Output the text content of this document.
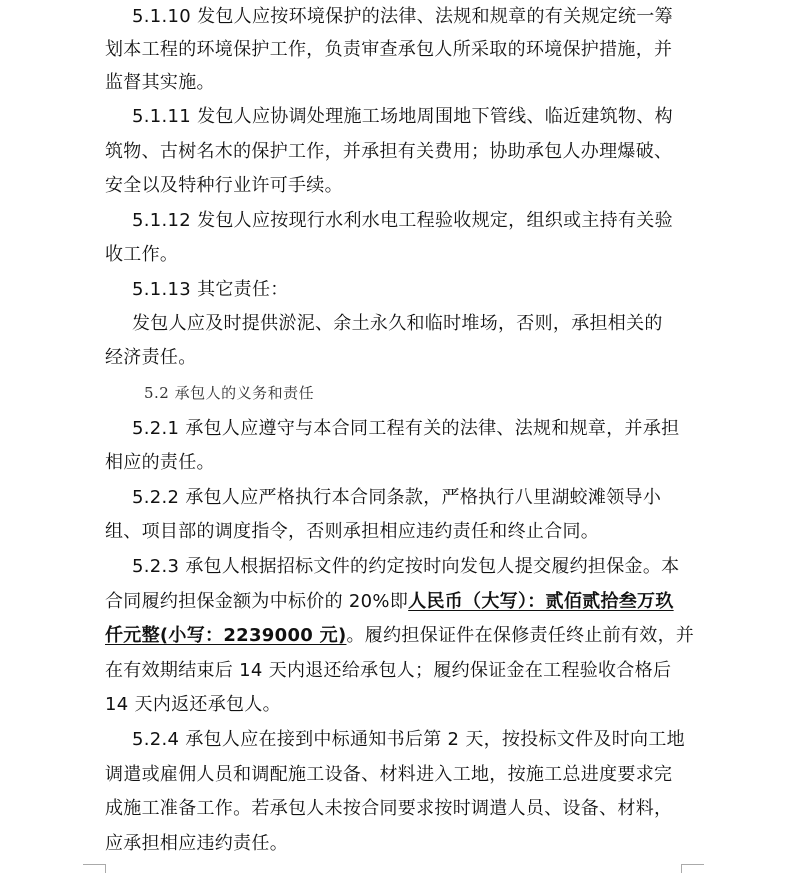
5.1.10 发包人应按环境保护的法律、法规和规章的有关规定统一筹
划本工程的环境保护工作，负责审查承包人所采取的环境保护措施，并
监督其实施。
5.1.11 发包人应协调处理施工场地周围地下管线、临近建筑物、构
筑物、古树名木的保护工作，并承担有关费用；协助承包人办理爆破、
安全以及特种行业许可手续。
5.1.12 发包人应按现行水利水电工程验收规定，组织或主持有关验
收工作。
5.1.13 其它责任：
发包人应及时提供淤泥、余土永久和临时堆场，否则，承担相关的
经济责任。
5.2 承包人的义务和责任
5.2.1 承包人应遵守与本合同工程有关的法律、法规和规章，并承担
相应的责任。
5.2.2 承包人应严格执行本合同条款，严格执行八里湖蛟滩领导小
组、项目部的调度指令，否则承担相应违约责任和终止合同。
5.2.3 承包人根据招标文件的约定按时向发包人提交履约担保金。本
合同履约担保金额为中标价的 20%即人民币（大写）：贰佰贰拾叁万玖
仟元整(小写：2239000 元)。履约担保证件在保修责任终止前有效，并
在有效期结束后 14 天内退还给承包人；履约保证金在工程验收合格后
14 天内返还承包人。
5.2.4 承包人应在接到中标通知书后第 2 天，按投标文件及时向工地
调遣或雇佣人员和调配施工设备、材料进入工地，按施工总进度要求完
成施工准备工作。若承包人未按合同要求按时调遣人员、设备、材料，
应承担相应违约责任。
